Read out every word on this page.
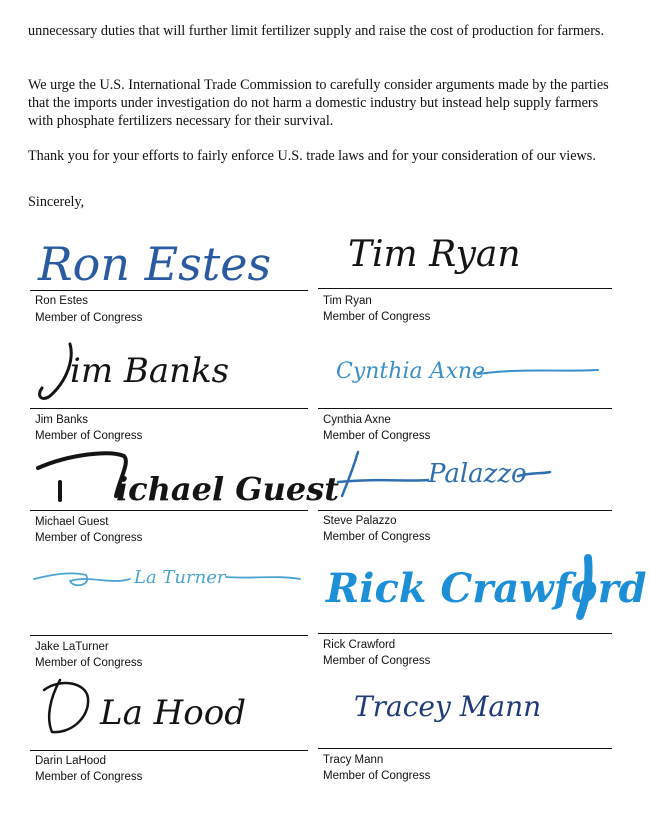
unnecessary duties that will further limit fertilizer supply and raise the cost of production for farmers.

We urge the U.S. International Trade Commission to carefully consider arguments made by the parties that the imports under investigation do not harm a domestic industry but instead help supply farmers with phosphate fertilizers necessary for their survival.

Thank you for your efforts to fairly enforce U.S. trade laws and for your consideration of our views.

Sincerely,

Ron Estes
Ron Estes
Member of Congress
Tim Ryan
Tim Ryan
Member of Congress
im Banks
Jim Banks
Member of Congress
Cynthia Axne
Cynthia Axne
Member of Congress
ichael Guest
Michael Guest
Member of Congress
Palazzo
Steve Palazzo
Member of Congress
La Turner
Jake LaTurner
Member of Congress
Rick Crawford
Rick Crawford
Member of Congress
La Hood
Darin LaHood
Member of Congress
Tracey Mann
Tracy Mann
Member of Congress
